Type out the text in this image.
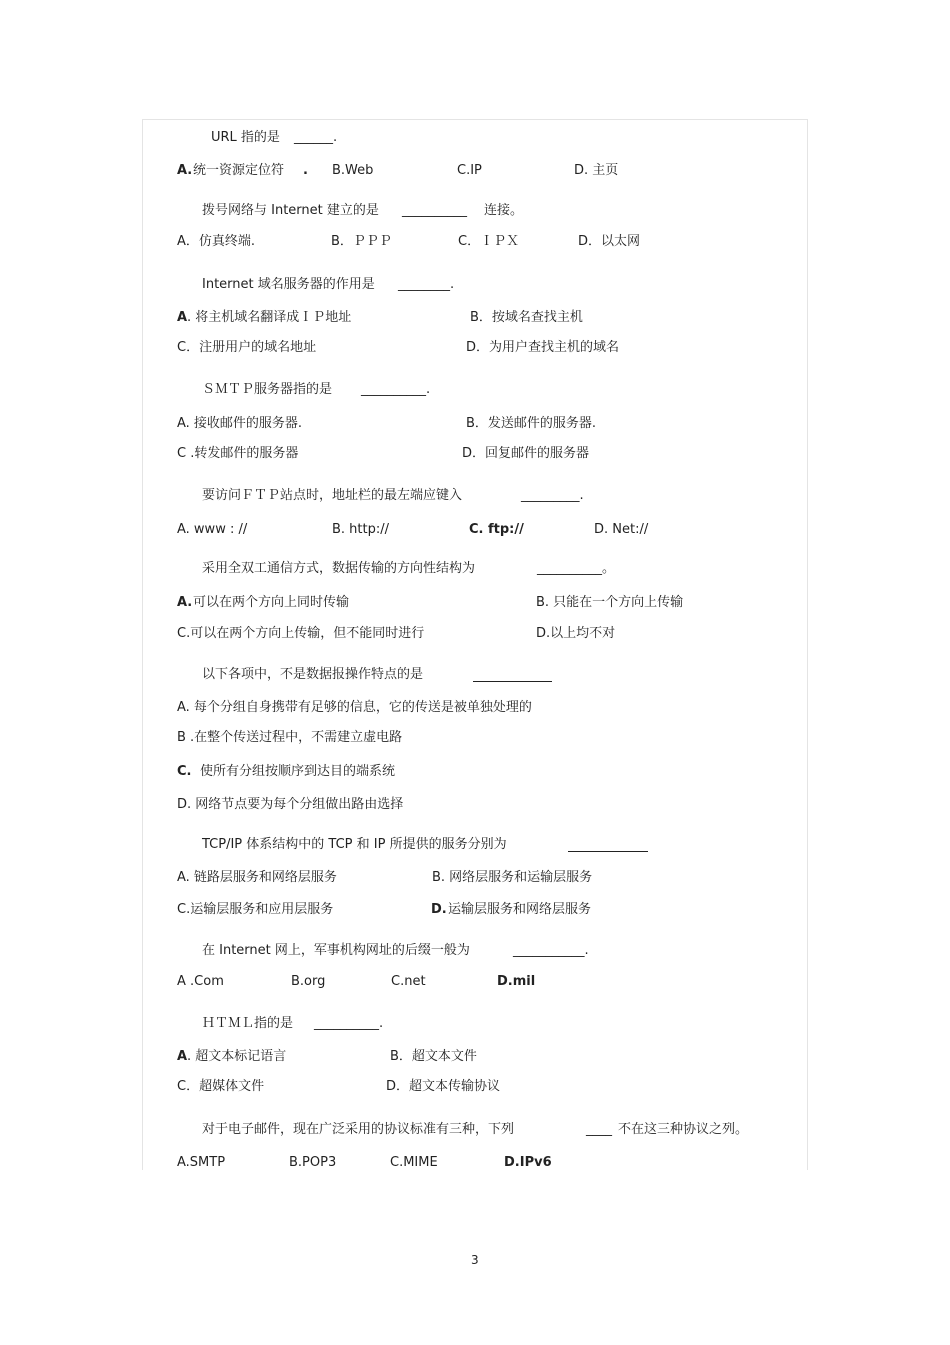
URL 指的是 ______.
A. 统一资源定位符 . B.Web	C.IP	D. 主页
拨号网络与 Internet 建立的是 __________ 连接。
A．仿真终端.	B．ＰＰＰ	C．ＩＰＸ	D．以太网
Internet 域名服务器的作用是 ________.
A . 将主机域名翻译成ＩＰ地址	B．按域名查找主机
C．注册用户的域名地址	D．为用户查找主机的域名
ＳＭＴＰ服务器指的是 __________.
A. 接收邮件的服务器.	B．发送邮件的服务器.
C .转发邮件的服务器	D．回复邮件的服务器
要访问ＦＴＰ站点时，地址栏的最左端应键入	_________.
A. www : //	B. http://	C. ftp://	D. Net://
采用全双工通信方式，数据传输的方向性结构为	__________。
A. 可以在两个方向上同时传输	B. 只能在一个方向上传输
C.可以在两个方向上传输，但不能同时进行	D.以上均不对
以下各项中，不是数据报操作特点的是
A. 每个分组自身携带有足够的信息，它的传送是被单独处理的
B .在整个传送过程中，不需建立虚电路
C. 使所有分组按顺序到达目的端系统
D. 网络节点要为每个分组做出路由选择
TCP/IP 体系结构中的 TCP 和 IP 所提供的服务分别为
A. 链路层服务和网络层服务	B. 网络层服务和运输层服务
C.运输层服务和应用层服务	D. 运输层服务和网络层服务
在 Internet 网上，军事机构网址的后缀一般为	___________.
A .Com	B.org	C.net	D.mil
ＨＴＭＬ指的是 __________.
A . 超文本标记语言	B．超文本文件
C．超媒体文件	D．超文本传输协议
对于电子邮件，现在广泛采用的协议标准有三种，下列	____ 不在这三种协议之列。
A.SMTP	B.POP3	C.MIME	D.IPv6
3
